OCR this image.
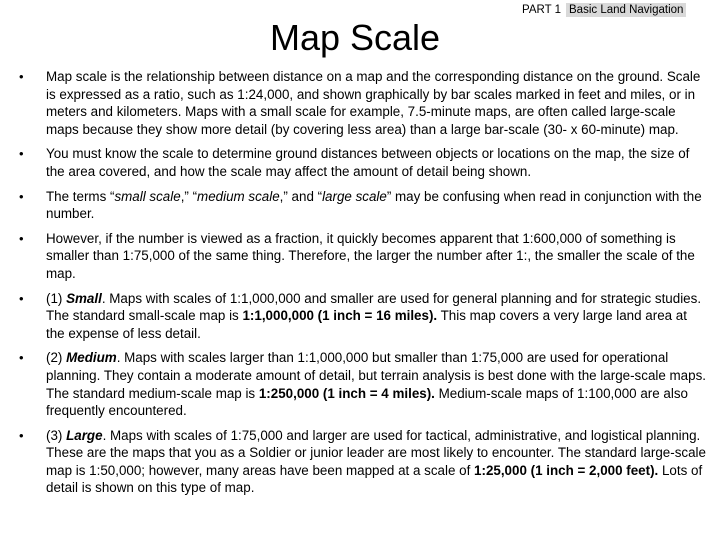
PART 1 Basic Land Navigation
Map Scale
• Map scale is the relationship between distance on a map and the corresponding distance on the ground. Scale is expressed as a ratio, such as 1:24,000, and shown graphically by bar scales marked in feet and miles, or in meters and kilometers. Maps with a small scale for example, 7.5-minute maps, are often called large-scale maps because they show more detail (by covering less area) than a large bar-scale (30- x 60-minute) map.
• You must know the scale to determine ground distances between objects or locations on the map, the size of the area covered, and how the scale may affect the amount of detail being shown.
• The terms “small scale,” “medium scale,” and “large scale” may be confusing when read in conjunction with the number.
• However, if the number is viewed as a fraction, it quickly becomes apparent that 1:600,000 of something is smaller than 1:75,000 of the same thing. Therefore, the larger the number after 1:, the smaller the scale of the map.
• (1) Small. Maps with scales of 1:1,000,000 and smaller are used for general planning and for strategic studies. The standard small-scale map is 1:1,000,000 (1 inch = 16 miles). This map covers a very large land area at the expense of less detail.
• (2) Medium. Maps with scales larger than 1:1,000,000 but smaller than 1:75,000 are used for operational planning. They contain a moderate amount of detail, but terrain analysis is best done with the large-scale maps. The standard medium-scale map is 1:250,000 (1 inch = 4 miles). Medium-scale maps of 1:100,000 are also frequently encountered.
• (3) Large. Maps with scales of 1:75,000 and larger are used for tactical, administrative, and logistical planning. These are the maps that you as a Soldier or junior leader are most likely to encounter. The standard large-scale map is 1:50,000; however, many areas have been mapped at a scale of 1:25,000 (1 inch = 2,000 feet). Lots of detail is shown on this type of map.
